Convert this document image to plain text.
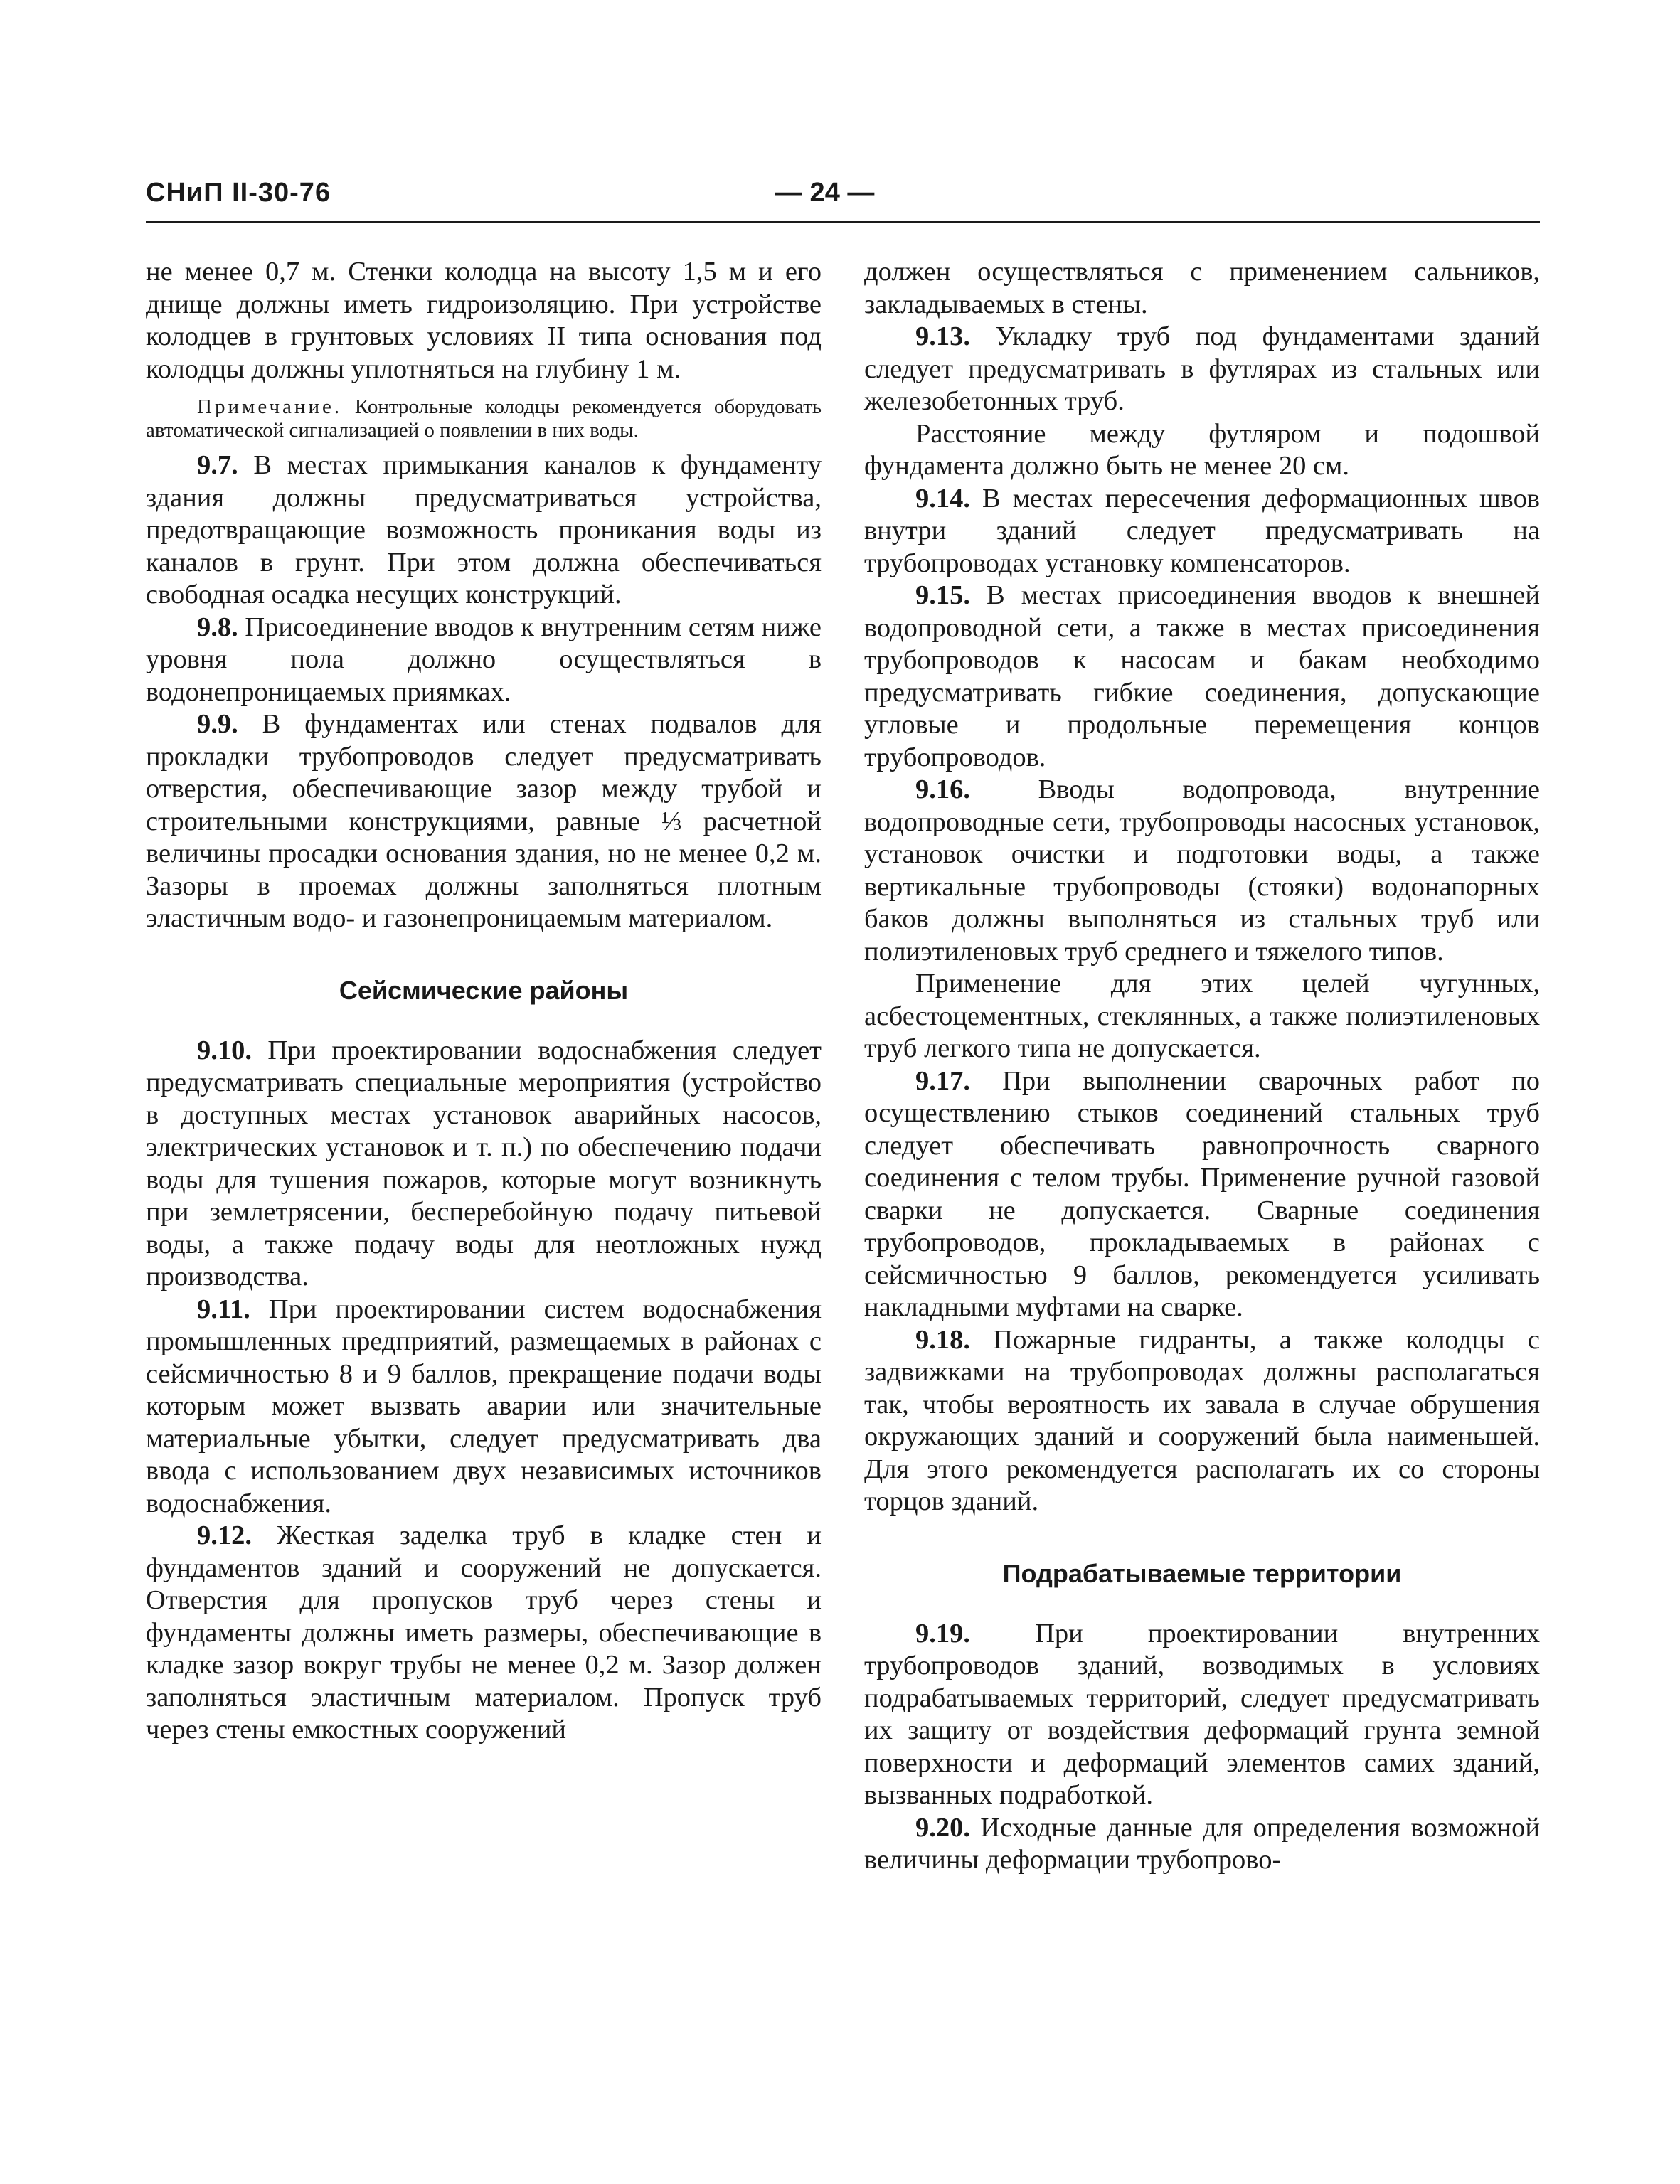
СНиП II-30-76	— 24 —

не менее 0,7 м. Стенки колодца на высоту 1,5 м и его днище должны иметь гидроизоляцию. При устройстве колодцев в грунтовых условиях II типа основания под колодцы должны уплотняться на глубину 1 м.

Примечание. Контрольные колодцы рекомендуется оборудовать автоматической сигнализацией о появлении в них воды.

9.7. В местах примыкания каналов к фундаменту здания должны предусматриваться устройства, предотвращающие возможность проникания воды из каналов в грунт. При этом должна обеспечиваться свободная осадка несущих конструкций.

9.8. Присоединение вводов к внутренним сетям ниже уровня пола должно осуществляться в водонепроницаемых приямках.

9.9. В фундаментах или стенах подвалов для прокладки трубопроводов следует предусматривать отверстия, обеспечивающие зазор между трубой и строительными конструкциями, равные ⅓ расчетной величины просадки основания здания, но не менее 0,2 м. Зазоры в проемах должны заполняться плотным эластичным водо- и газонепроницаемым материалом.

Сейсмические районы

9.10. При проектировании водоснабжения следует предусматривать специальные мероприятия (устройство в доступных местах установок аварийных насосов, электрических установок и т. п.) по обеспечению подачи воды для тушения пожаров, которые могут возникнуть при землетрясении, бесперебойную подачу питьевой воды, а также подачу воды для неотложных нужд производства.

9.11. При проектировании систем водоснабжения промышленных предприятий, размещаемых в районах с сейсмичностью 8 и 9 баллов, прекращение подачи воды которым может вызвать аварии или значительные материальные убытки, следует предусматривать два ввода с использованием двух независимых источников водоснабжения.

9.12. Жесткая заделка труб в кладке стен и фундаментов зданий и сооружений не допускается. Отверстия для пропусков труб через стены и фундаменты должны иметь размеры, обеспечивающие в кладке зазор вокруг трубы не менее 0,2 м. Зазор должен заполняться эластичным материалом. Пропуск труб через стены емкостных сооружений

должен осуществляться с применением сальников, закладываемых в стены.

9.13. Укладку труб под фундаментами зданий следует предусматривать в футлярах из стальных или железобетонных труб.

Расстояние между футляром и подошвой фундамента должно быть не менее 20 см.

9.14. В местах пересечения деформационных швов внутри зданий следует предусматривать на трубопроводах установку компенсаторов.

9.15. В местах присоединения вводов к внешней водопроводной сети, а также в местах присоединения трубопроводов к насосам и бакам необходимо предусматривать гибкие соединения, допускающие угловые и продольные перемещения концов трубопроводов.

9.16. Вводы водопровода, внутренние водопроводные сети, трубопроводы насосных установок, установок очистки и подготовки воды, а также вертикальные трубопроводы (стояки) водонапорных баков должны выполняться из стальных труб или полиэтиленовых труб среднего и тяжелого типов.

Применение для этих целей чугунных, асбестоцементных, стеклянных, а также полиэтиленовых труб легкого типа не допускается.

9.17. При выполнении сварочных работ по осуществлению стыков соединений стальных труб следует обеспечивать равнопрочность сварного соединения с телом трубы. Применение ручной газовой сварки не допускается. Сварные соединения трубопроводов, прокладываемых в районах с сейсмичностью 9 баллов, рекомендуется усиливать накладными муфтами на сварке.

9.18. Пожарные гидранты, а также колодцы с задвижками на трубопроводах должны располагаться так, чтобы вероятность их завала в случае обрушения окружающих зданий и сооружений была наименьшей. Для этого рекомендуется располагать их со стороны торцов зданий.

Подрабатываемые территории

9.19. При проектировании внутренних трубопроводов зданий, возводимых в условиях подрабатываемых территорий, следует предусматривать их защиту от воздействия деформаций грунта земной поверхности и деформаций элементов самих зданий, вызванных подработкой.

9.20. Исходные данные для определения возможной величины деформации трубопрово-
